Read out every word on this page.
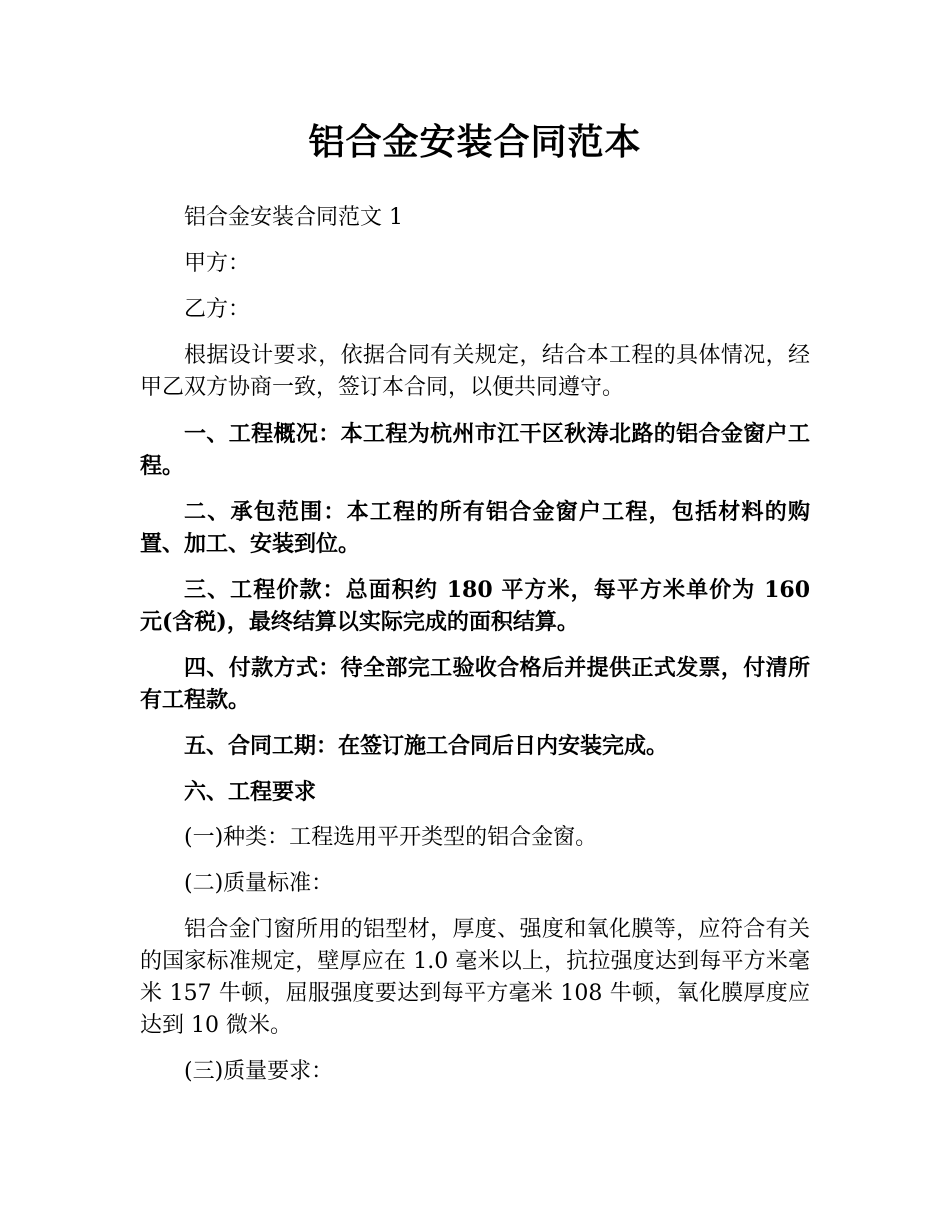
铝合金安装合同范本

铝合金安装合同范文 1

甲方：

乙方：

根据设计要求，依据合同有关规定，结合本工程的具体情况，经甲乙双方协商一致，签订本合同，以便共同遵守。

一、工程概况：本工程为杭州市江干区秋涛北路的铝合金窗户工程。

二、承包范围：本工程的所有铝合金窗户工程，包括材料的购置、加工、安装到位。

三、工程价款：总面积约 180 平方米，每平方米单价为 160 元(含税)，最终结算以实际完成的面积结算。

四、付款方式：待全部完工验收合格后并提供正式发票，付清所有工程款。

五、合同工期：在签订施工合同后日内安装完成。

六、工程要求

(一)种类：工程选用平开类型的铝合金窗。

(二)质量标准：

铝合金门窗所用的铝型材，厚度、强度和氧化膜等，应符合有关的国家标准规定，壁厚应在 1.0 毫米以上，抗拉强度达到每平方米毫米 157 牛顿，屈服强度要达到每平方毫米 108 牛顿，氧化膜厚度应达到 10 微米。

(三)质量要求：
